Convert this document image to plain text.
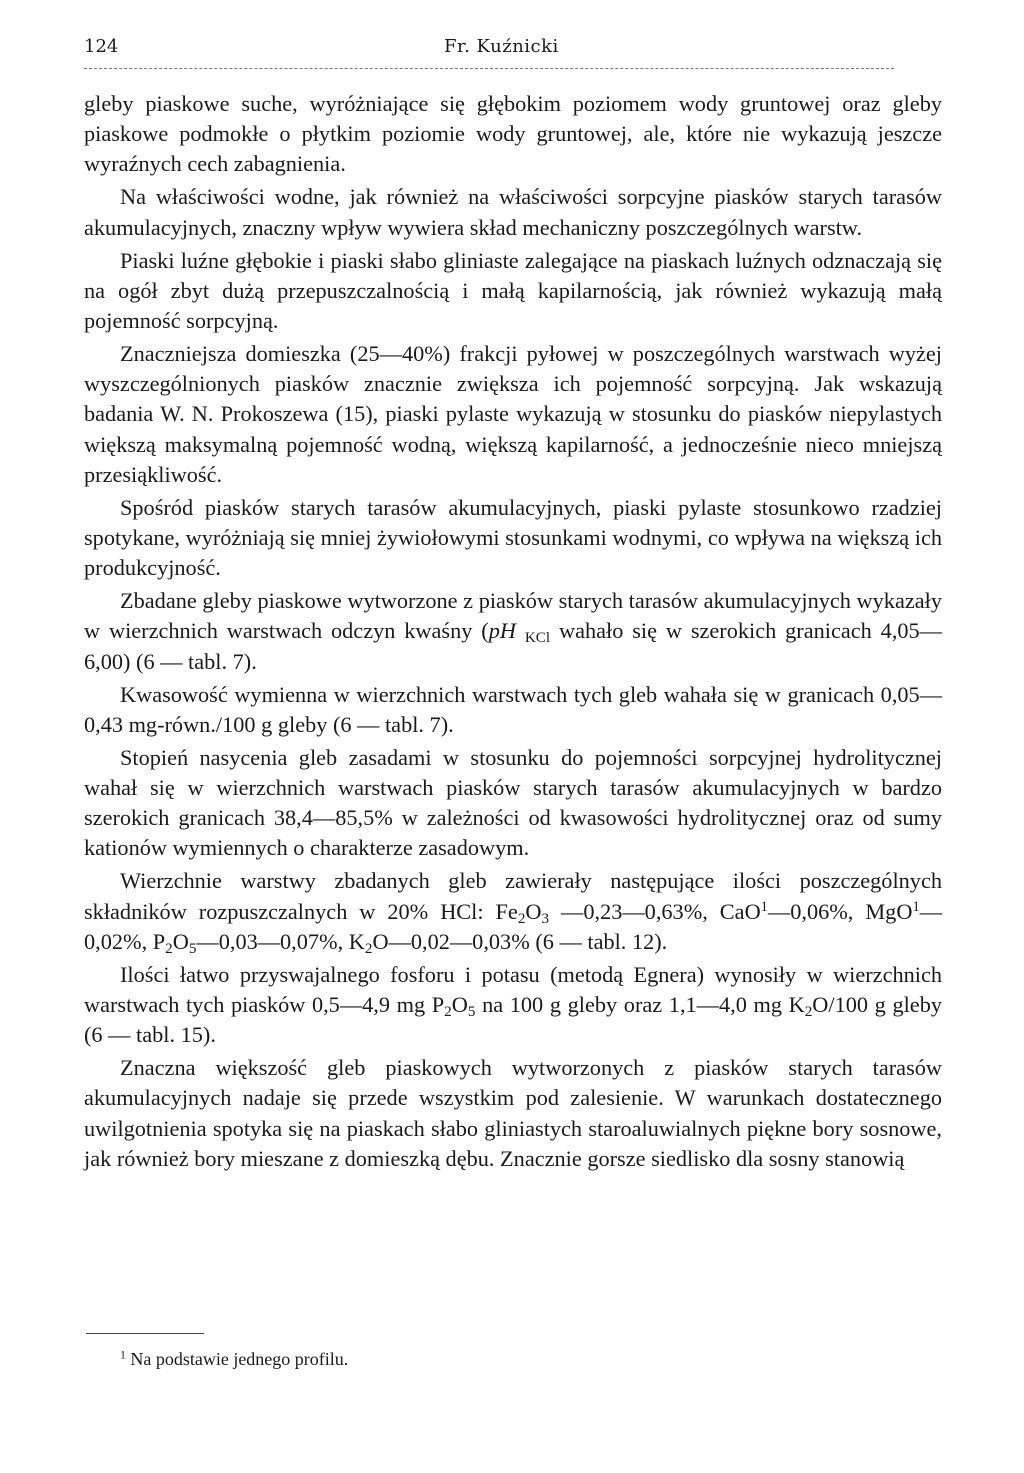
124	Fr. Kuźnicki

gleby piaskowe suche, wyróżniające się głębokim poziomem wody gruntowej oraz gleby piaskowe podmokłe o płytkim poziomie wody gruntowej, ale, które nie wykazują jeszcze wyraźnych cech zabagnienia.

Na właściwości wodne, jak również na właściwości sorpcyjne piasków starych tarasów akumulacyjnych, znaczny wpływ wywiera skład mechaniczny poszczególnych warstw.

Piaski luźne głębokie i piaski słabo gliniaste zalegające na piaskach luźnych odznaczają się na ogół zbyt dużą przepuszczalnością i małą kapilarnością, jak również wykazują małą pojemność sorpcyjną.

Znaczniejsza domieszka (25—40%) frakcji pyłowej w poszczególnych warstwach wyżej wyszczególnionych piasków znacznie zwiększa ich pojemność sorpcyjną. Jak wskazują badania W. N. Prokoszewa (15), piaski pylaste wykazują w stosunku do piasków niepylastych większą maksymalną pojemność wodną, większą kapilarność, a jednocześnie nieco mniejszą przesiąkliwość.

Spośród piasków starych tarasów akumulacyjnych, piaski pylaste stosunkowo rzadziej spotykane, wyróżniają się mniej żywiołowymi stosunkami wodnymi, co wpływa na większą ich produkcyjność.

Zbadane gleby piaskowe wytworzone z piasków starych tarasów akumulacyjnych wykazały w wierzchnich warstwach odczyn kwaśny (pH $_{KCl}$ wahało się w szerokich granicach 4,05—6,00) (6 — tabl. 7).

Kwasowość wymienna w wierzchnich warstwach tych gleb wahała się w granicach 0,05—0,43 mg-równ./100 g gleby (6 — tabl. 7).

Stopień nasycenia gleb zasadami w stosunku do pojemności sorpcyjnej hydrolitycznej wahał się w wierzchnich warstwach piasków starych tarasów akumulacyjnych w bardzo szerokich granicach 38,4—85,5% w zależności od kwasowości hydrolitycznej oraz od sumy kationów wymiennych o charakterze zasadowym.

Wierzchnie warstwy zbadanych gleb zawierały następujące ilości poszczególnych składników rozpuszczalnych w 20% HCl: $Fe_2O_3$ —0,23—0,63%, CaO$^1$—0,06%, MgO$^1$—0,02%, $P_2O_5—0,03—0,07\%$, $K_2O—0,02—0,03\%$ (6 — tabl. 12).

Ilości łatwo przyswajalnego fosforu i potasu (metodą Egnera) wynosiły w wierzchnich warstwach tych piasków 0,5—4,9 mg $P_2O_5$ na 100 g gleby oraz 1,1—4,0 mg $K_2O/100$ g gleby (6 — tabl. 15).

Znaczna większość gleb piaskowych wytworzonych z piasków starych tarasów akumulacyjnych nadaje się przede wszystkim pod zalesienie. W warunkach dostatecznego uwilgotnienia spotyka się na piaskach słabo gliniastych staroaluwialnych piękne bory sosnowe, jak również bory mieszane z domieszką dębu. Znacznie gorsze siedlisko dla sosny stanowią

$^1$ Na podstawie jednego profilu.
